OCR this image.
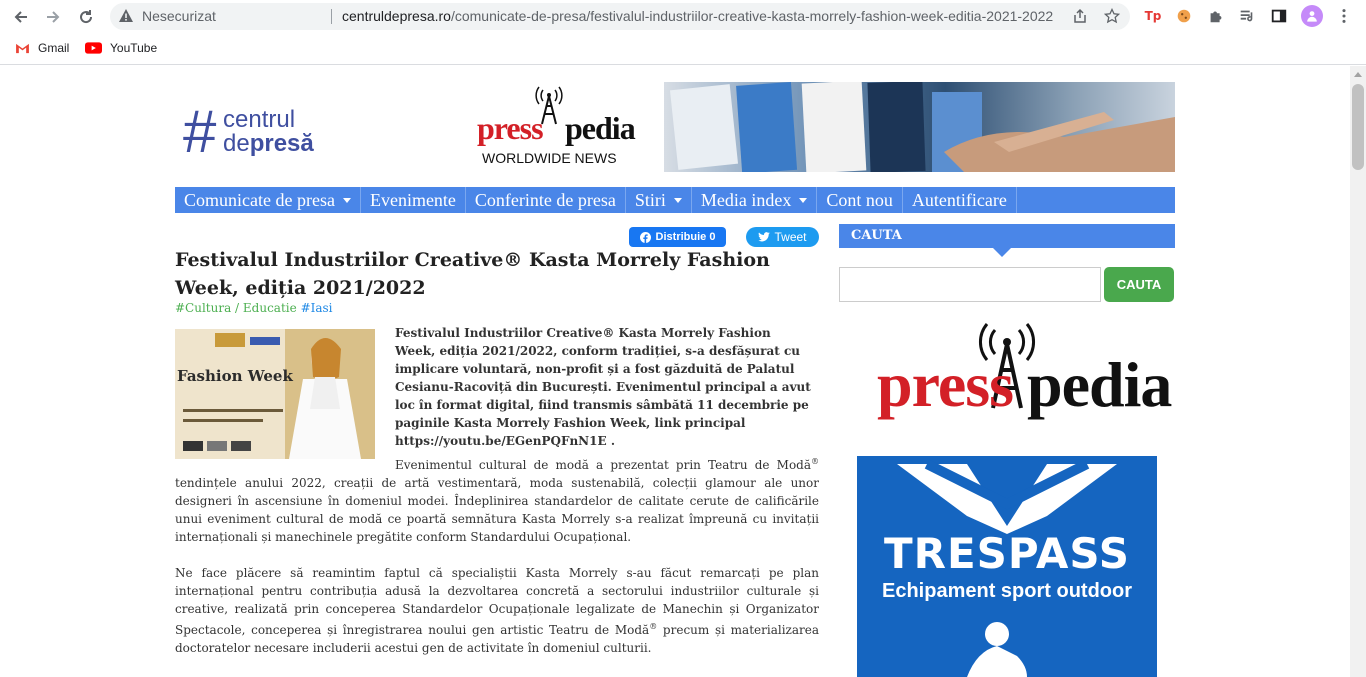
Nesecurizat	centruldepresa.ro/comunicate-de-presa/festivalul-industriilor-creative-kasta-morrely-fashion-week-editia-2021-2022	Tp
Gmail	YouTube
# centrul
depresă	press pedia
WORLDWIDE NEWS
Comunicate de presa Evenimente Conferinte de presa Stiri Media index Cont nou Autentificare
Distribuie 0	Tweet
Festivalul Industriilor Creative® Kasta Morrely Fashion Week, ediția 2021/2022
#Cultura / Educatie #Iasi
Fashion Week
Festivalul Industriilor Creative® Kasta Morrely Fashion Week, ediția 2021/2022, conform tradiției, s-a desfășurat cu implicare voluntară, non-profit și a fost găzduită de Palatul Cesianu-Racoviță din București. Evenimentul principal a avut loc în format digital, fiind transmis sâmbătă 11 decembrie pe paginile Kasta Morrely Fashion Week, link principal https://youtu.be/EGenPQFnN1E .
Evenimentul cultural de modă a prezentat prin Teatru de Modă® tendințele anului 2022, creații de artă vestimentară, moda sustenabilă, colecții glamour ale unor designeri în ascensiune în domeniul modei. Îndeplinirea standardelor de calitate cerute de calificările unui eveniment cultural de modă ce poartă semnătura Kasta Morrely s-a realizat împreună cu invitații internaționali și manechinele pregătite conform Standardului Ocupațional.
Ne face plăcere să reamintim faptul că specialiștii Kasta Morrely s-au făcut remarcați pe plan internațional pentru contribuția adusă la dezvoltarea concretă a sectorului industriilor culturale și creative, realizată prin conceperea Standardelor Ocupaționale legalizate de Manechin și Organizator Spectacole, conceperea și înregistrarea noului gen artistic Teatru de Modă® precum și materializarea doctoratelor necesare includerii acestui gen de activitate în domeniul culturii.
CAUTA
CAUTA
press pedia
TRESPASS
Echipament sport outdoor
